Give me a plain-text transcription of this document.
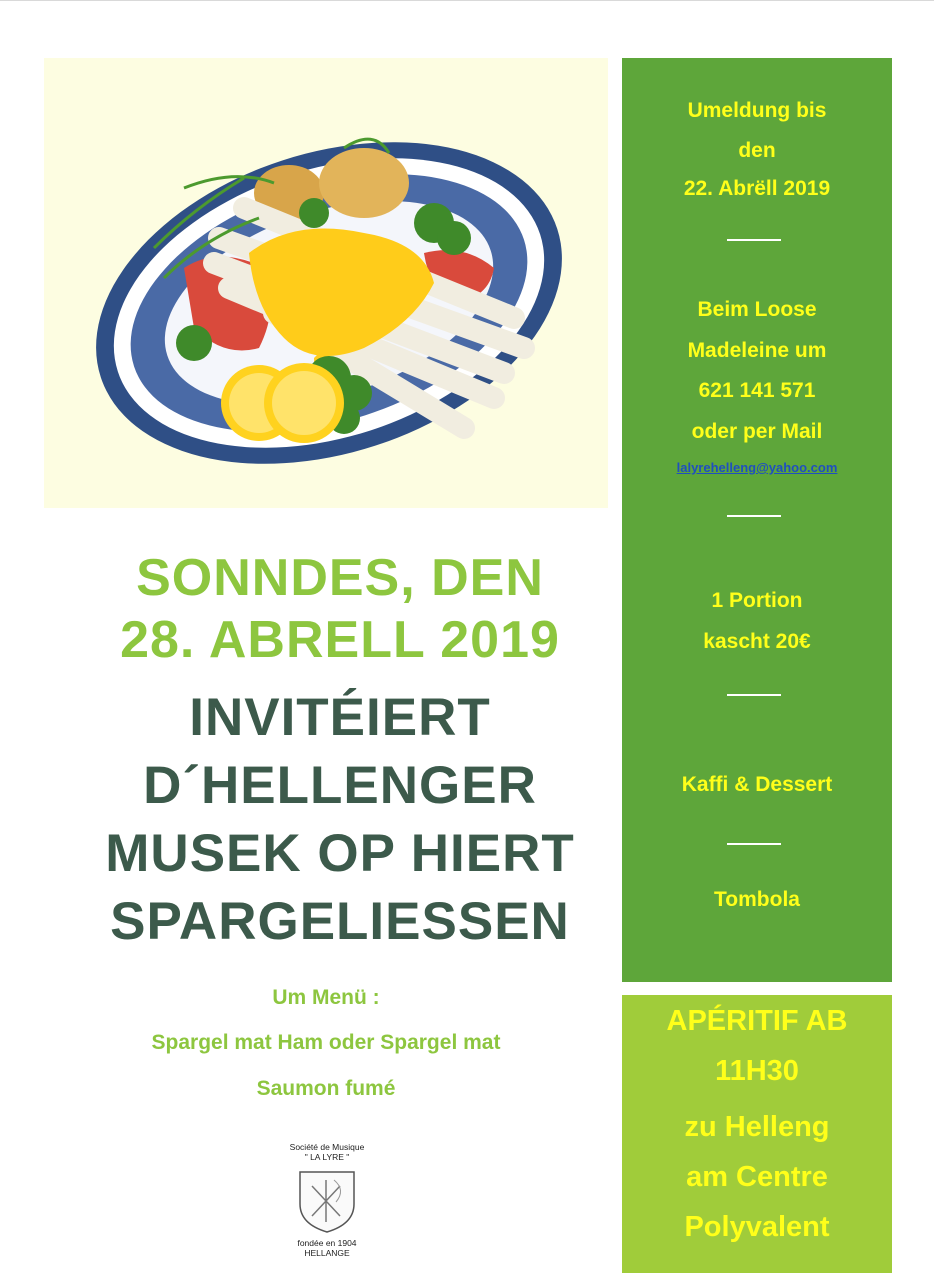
SONNDES, DEN
28. ABRELL 2019
INVITÉIERT
D´HELLENGER
MUSEK OP HIERT
SPARGELIESSEN
Um Menü :
Spargel mat Ham oder Spargel mat
Saumon fumé
Société de Musique
" LA LYRE "
fondée en 1904
HELLANGE
Umeldung bis
den
22. Abrëll 2019
Beim Loose
Madeleine um
621 141 571
oder per Mail
lalyrehelleng@yahoo.com
1 Portion
kascht 20€
Kaffi & Dessert
Tombola
APÉRITIF AB
11H30
zu Helleng
am Centre
Polyvalent
